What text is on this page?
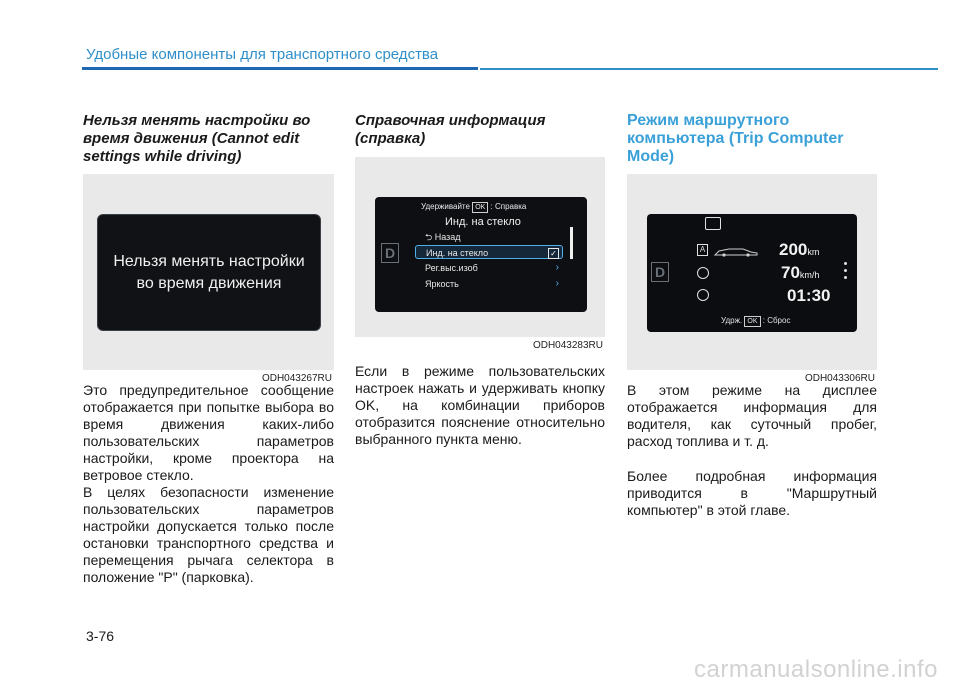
Удобные компоненты для транспортного средства

Нельзя менять настройки во
время движения (Cannot edit
settings while driving)

Нельзя менять настройки
во время движения
ODH043267RU

Это предупредительное сообщение отображается при попытке выбора во время движения каких-либо пользовательских параметров настройки, кроме проектора на ветровое стекло.

В целях безопасности изменение пользовательских параметров настройки допускается только после остановки транспортного средства и перемещения рычага селектора в положение "P" (парковка).

Справочная информация
(справка)

D
Удерживайте OK : Справка
Инд. на стекло
⮌ Назад
Инд. на стекло	✓
Рег.выс.изоб	›
Яркость	›
ODH043283RU

Если в режиме пользовательских настроек нажать и удерживать кнопку OK, на комбинации приборов отобразится пояснение относительно выбранного пункта меню.

Режим маршрутного
компьютера (Trip Computer
Mode)

D
A	200km
70km/h
01:30
Удрж. OK : Сброс
ODH043306RU

В этом режиме на дисплее отображается информация для водителя, как суточный пробег, расход топлива и т. д.

Более подробная информация приводится в "Маршрутный компьютер" в этой главе.

3-76
carmanualsonline.info
